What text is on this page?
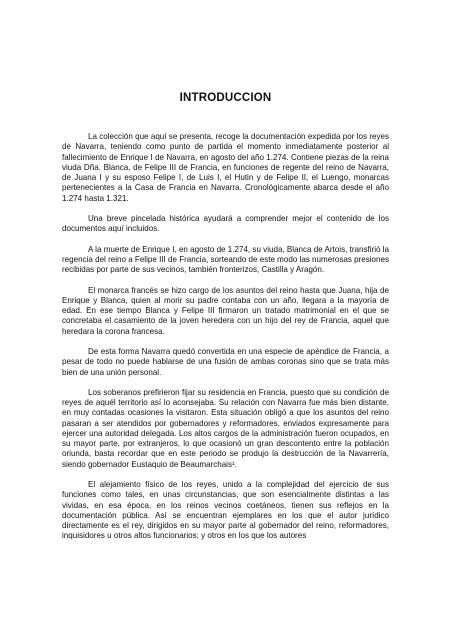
INTRODUCCION

La colección que aquí se presenta, recoge la documentación expedida por los reyes de Navarra, teniendo como punto de partida el momento inmediatamente posterior al fallecimiento de Enrique I de Navarra, en agosto del año 1.274. Contiene piezas de la reina viuda Dña. Blanca, de Felipe III de Francia, en funciones de regente del reino de Navarra, de Juana I y su esposo Felipe I, de Luis I, el Hutin y de Felipe II, el Luengo, monarcas pertenecientes a la Casa de Francia en Navarra. Cronológicamente abarca desde el año 1.274 hasta 1.321.

Una breve pincelada histórica ayudará a comprender mejor el contenido de los documentos aquí incluidos.

A la muerte de Enrique I, en agosto de 1.274, su viuda, Blanca de Artois, transfirió la regencia del reino a Felipe III de Francia, sorteando de este modo las numerosas presiones recibidas por parte de sus vecinos, también fronterizos, Castilla y Aragón.

El monarca francés se hizo cargo de los asuntos del reino hasta que Juana, hija de Enrique y Blanca, quien al morir su padre contaba con un año, llegara a la mayoría de edad. En ese tiempo Blanca y Felipe III firmaron un tratado matrimonial en el que se concretaba el casamiento de la joven heredera con un hijo del rey de Francia, aquel que heredara la corona francesa.

De esta forma Navarra quedó convertida en una especie de apéndice de Francia, a pesar de todo no puede hablarse de una fusión de ambas coronas sino que se trata más bien de una unión personal.

Los soberanos prefirieron fijar su residencia en Francia, puesto que su condición de reyes de aquél territorio así lo aconsejaba. Su relación con Navarra fue más bien distante, en muy contadas ocasiones la visitaron. Esta situación obligó a que los asuntos del reino pasaran a ser atendidos por gobernadores y reformadores, enviados expresamente para ejercer una autoridad delegada. Los altos cargos de la administración fueron ocupados, en su mayor parte, por extranjeros, lo que ocasionó un gran descontento entre la población oriunda, basta recordar que en este periodo se produjo la destrucción de la Navarrería, siendo gobernador Eustaquio de Beaumarchais¹.

El alejamiento físico de los reyes, unido a la complejidad del ejercicio de sus funciones como tales, en unas circunstancias, que son esencialmente distintas a las vividas, en esa época, en los reinos vecinos coetáneos, tienen sus reflejos en la documentación pública. Así se encuentran ejemplares en los que el autor jurídico directamente es el rey, dirigidos en su mayor parte al gobernador del reino, reformadores, inquisidores u otros altos funcionarios; y otros en los que los autores
